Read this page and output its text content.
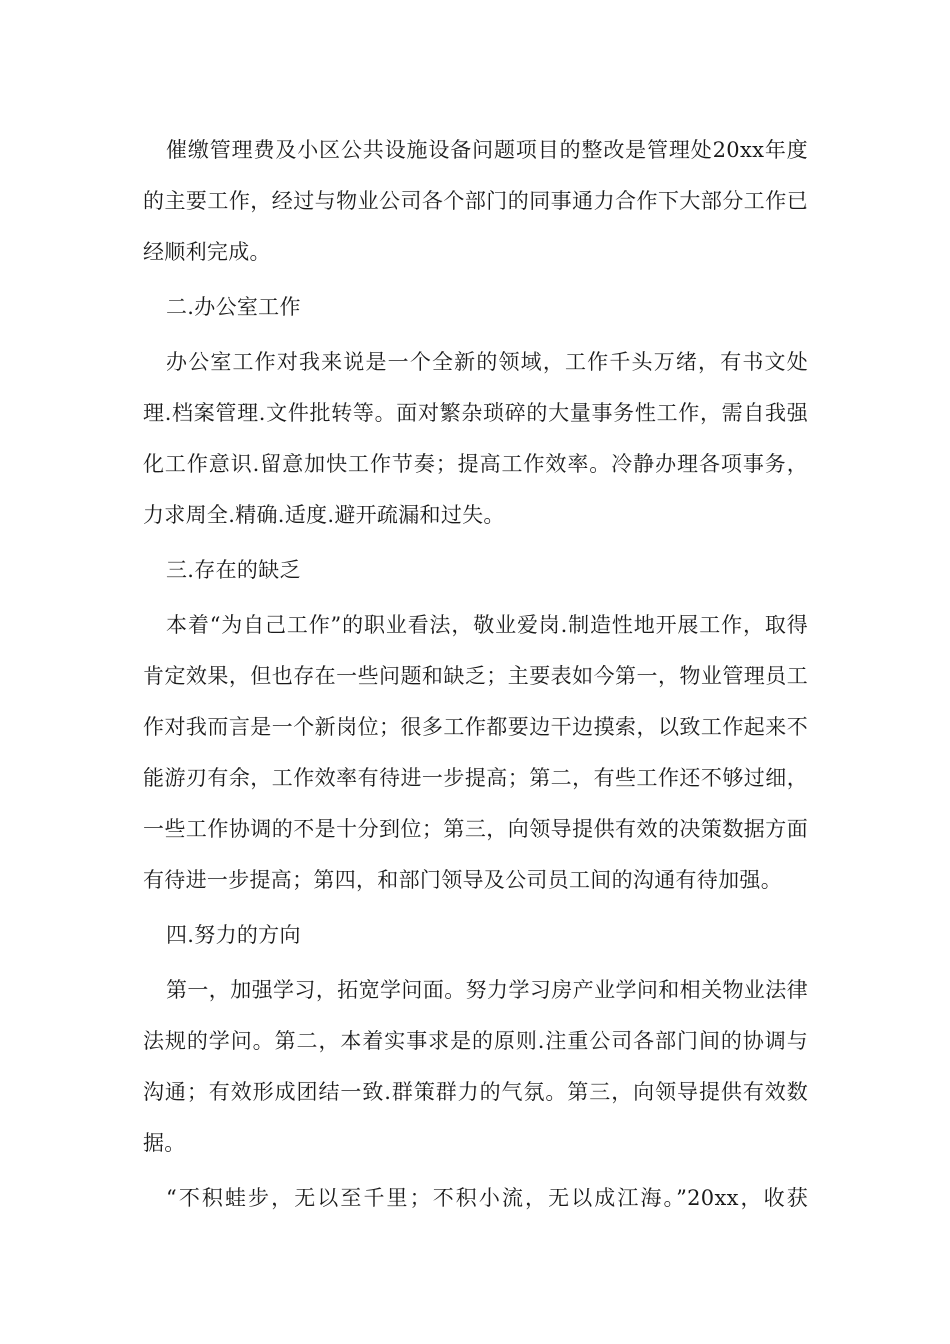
催缴管理费及小区公共设施设备问题项目的整改是管理处20xx年度的主要工作，经过与物业公司各个部门的同事通力合作下大部分工作已经顺利完成。

二.办公室工作

办公室工作对我来说是一个全新的领域，工作千头万绪，有书文处理.档案管理.文件批转等。面对繁杂琐碎的大量事务性工作，需自我强化工作意识.留意加快工作节奏；提高工作效率。冷静办理各项事务，力求周全.精确.适度.避开疏漏和过失。

三.存在的缺乏

本着“为自己工作”的职业看法，敬业爱岗.制造性地开展工作，取得肯定效果，但也存在一些问题和缺乏；主要表如今第一，物业管理员工作对我而言是一个新岗位；很多工作都要边干边摸索，以致工作起来不能游刃有余，工作效率有待进一步提高；第二，有些工作还不够过细，一些工作协调的不是十分到位；第三，向领导提供有效的决策数据方面有待进一步提高；第四，和部门领导及公司员工间的沟通有待加强。

四.努力的方向

第一，加强学习，拓宽学问面。努力学习房产业学问和相关物业法律法规的学问。第二，本着实事求是的原则.注重公司各部门间的协调与沟通；有效形成团结一致.群策群力的气氛。第三，向领导提供有效数据。

“不积蛙步，无以至千里；不积小流，无以成江海。”20xx，收获
